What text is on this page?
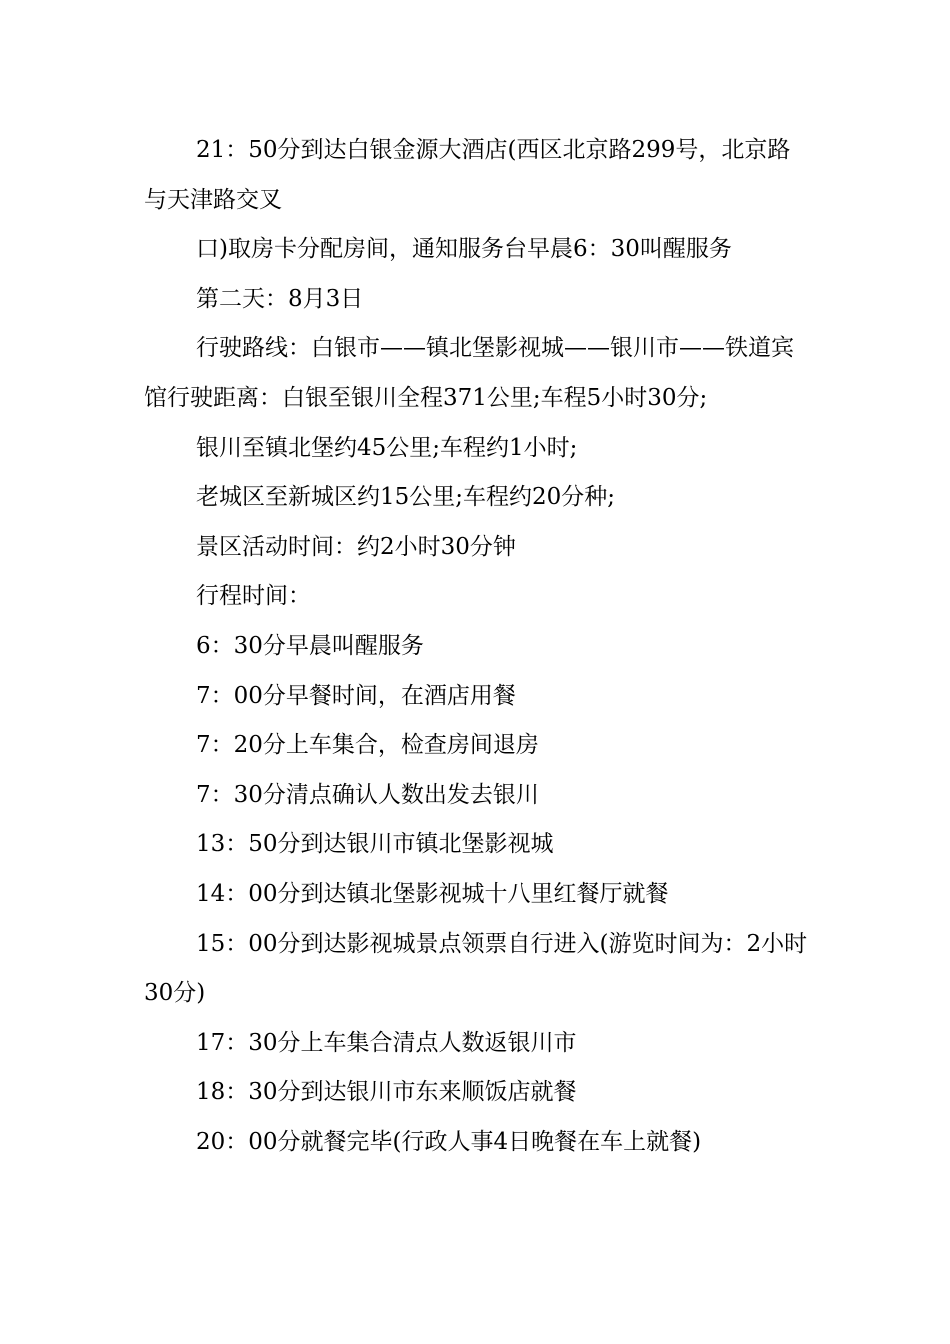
21：50分到达白银金源大酒店(西区北京路299号，北京路与天津路交叉

口)取房卡分配房间，通知服务台早晨6：30叫醒服务

第二天：8月3日

行驶路线：白银市——镇北堡影视城——银川市——铁道宾馆行驶距离：白银至银川全程371公里;车程5小时30分;

银川至镇北堡约45公里;车程约1小时;

老城区至新城区约15公里;车程约20分种;

景区活动时间：约2小时30分钟

行程时间：

6：30分早晨叫醒服务

7：00分早餐时间，在酒店用餐

7：20分上车集合，检查房间退房

7：30分清点确认人数出发去银川

13：50分到达银川市镇北堡影视城

14：00分到达镇北堡影视城十八里红餐厅就餐

15：00分到达影视城景点领票自行进入(游览时间为：2小时30分)

17：30分上车集合清点人数返银川市

18：30分到达银川市东来顺饭店就餐

20：00分就餐完毕(行政人事4日晚餐在车上就餐)
